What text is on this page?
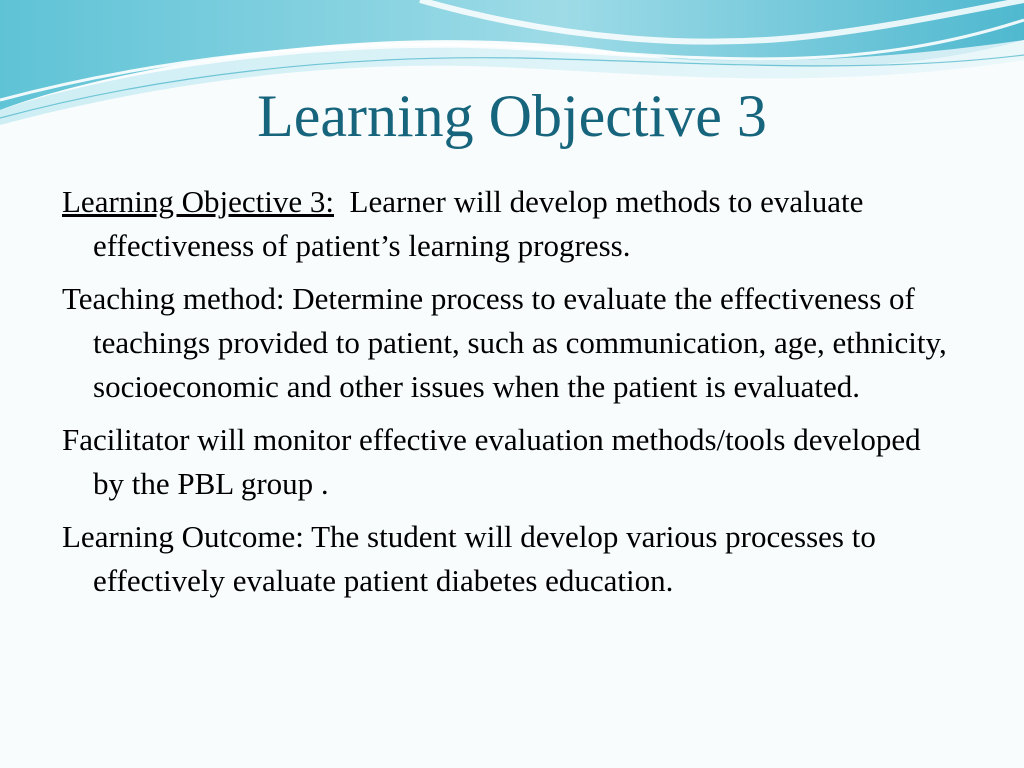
Learning Objective 3

Learning Objective 3: Learner will develop methods to evaluate effectiveness of patient’s learning progress.

Teaching method: Determine process to evaluate the effectiveness of teachings provided to patient, such as communication, age, ethnicity, socioeconomic and other issues when the patient is evaluated.

Facilitator will monitor effective evaluation methods/tools developed by the PBL group .

Learning Outcome: The student will develop various processes to effectively evaluate patient diabetes education.
